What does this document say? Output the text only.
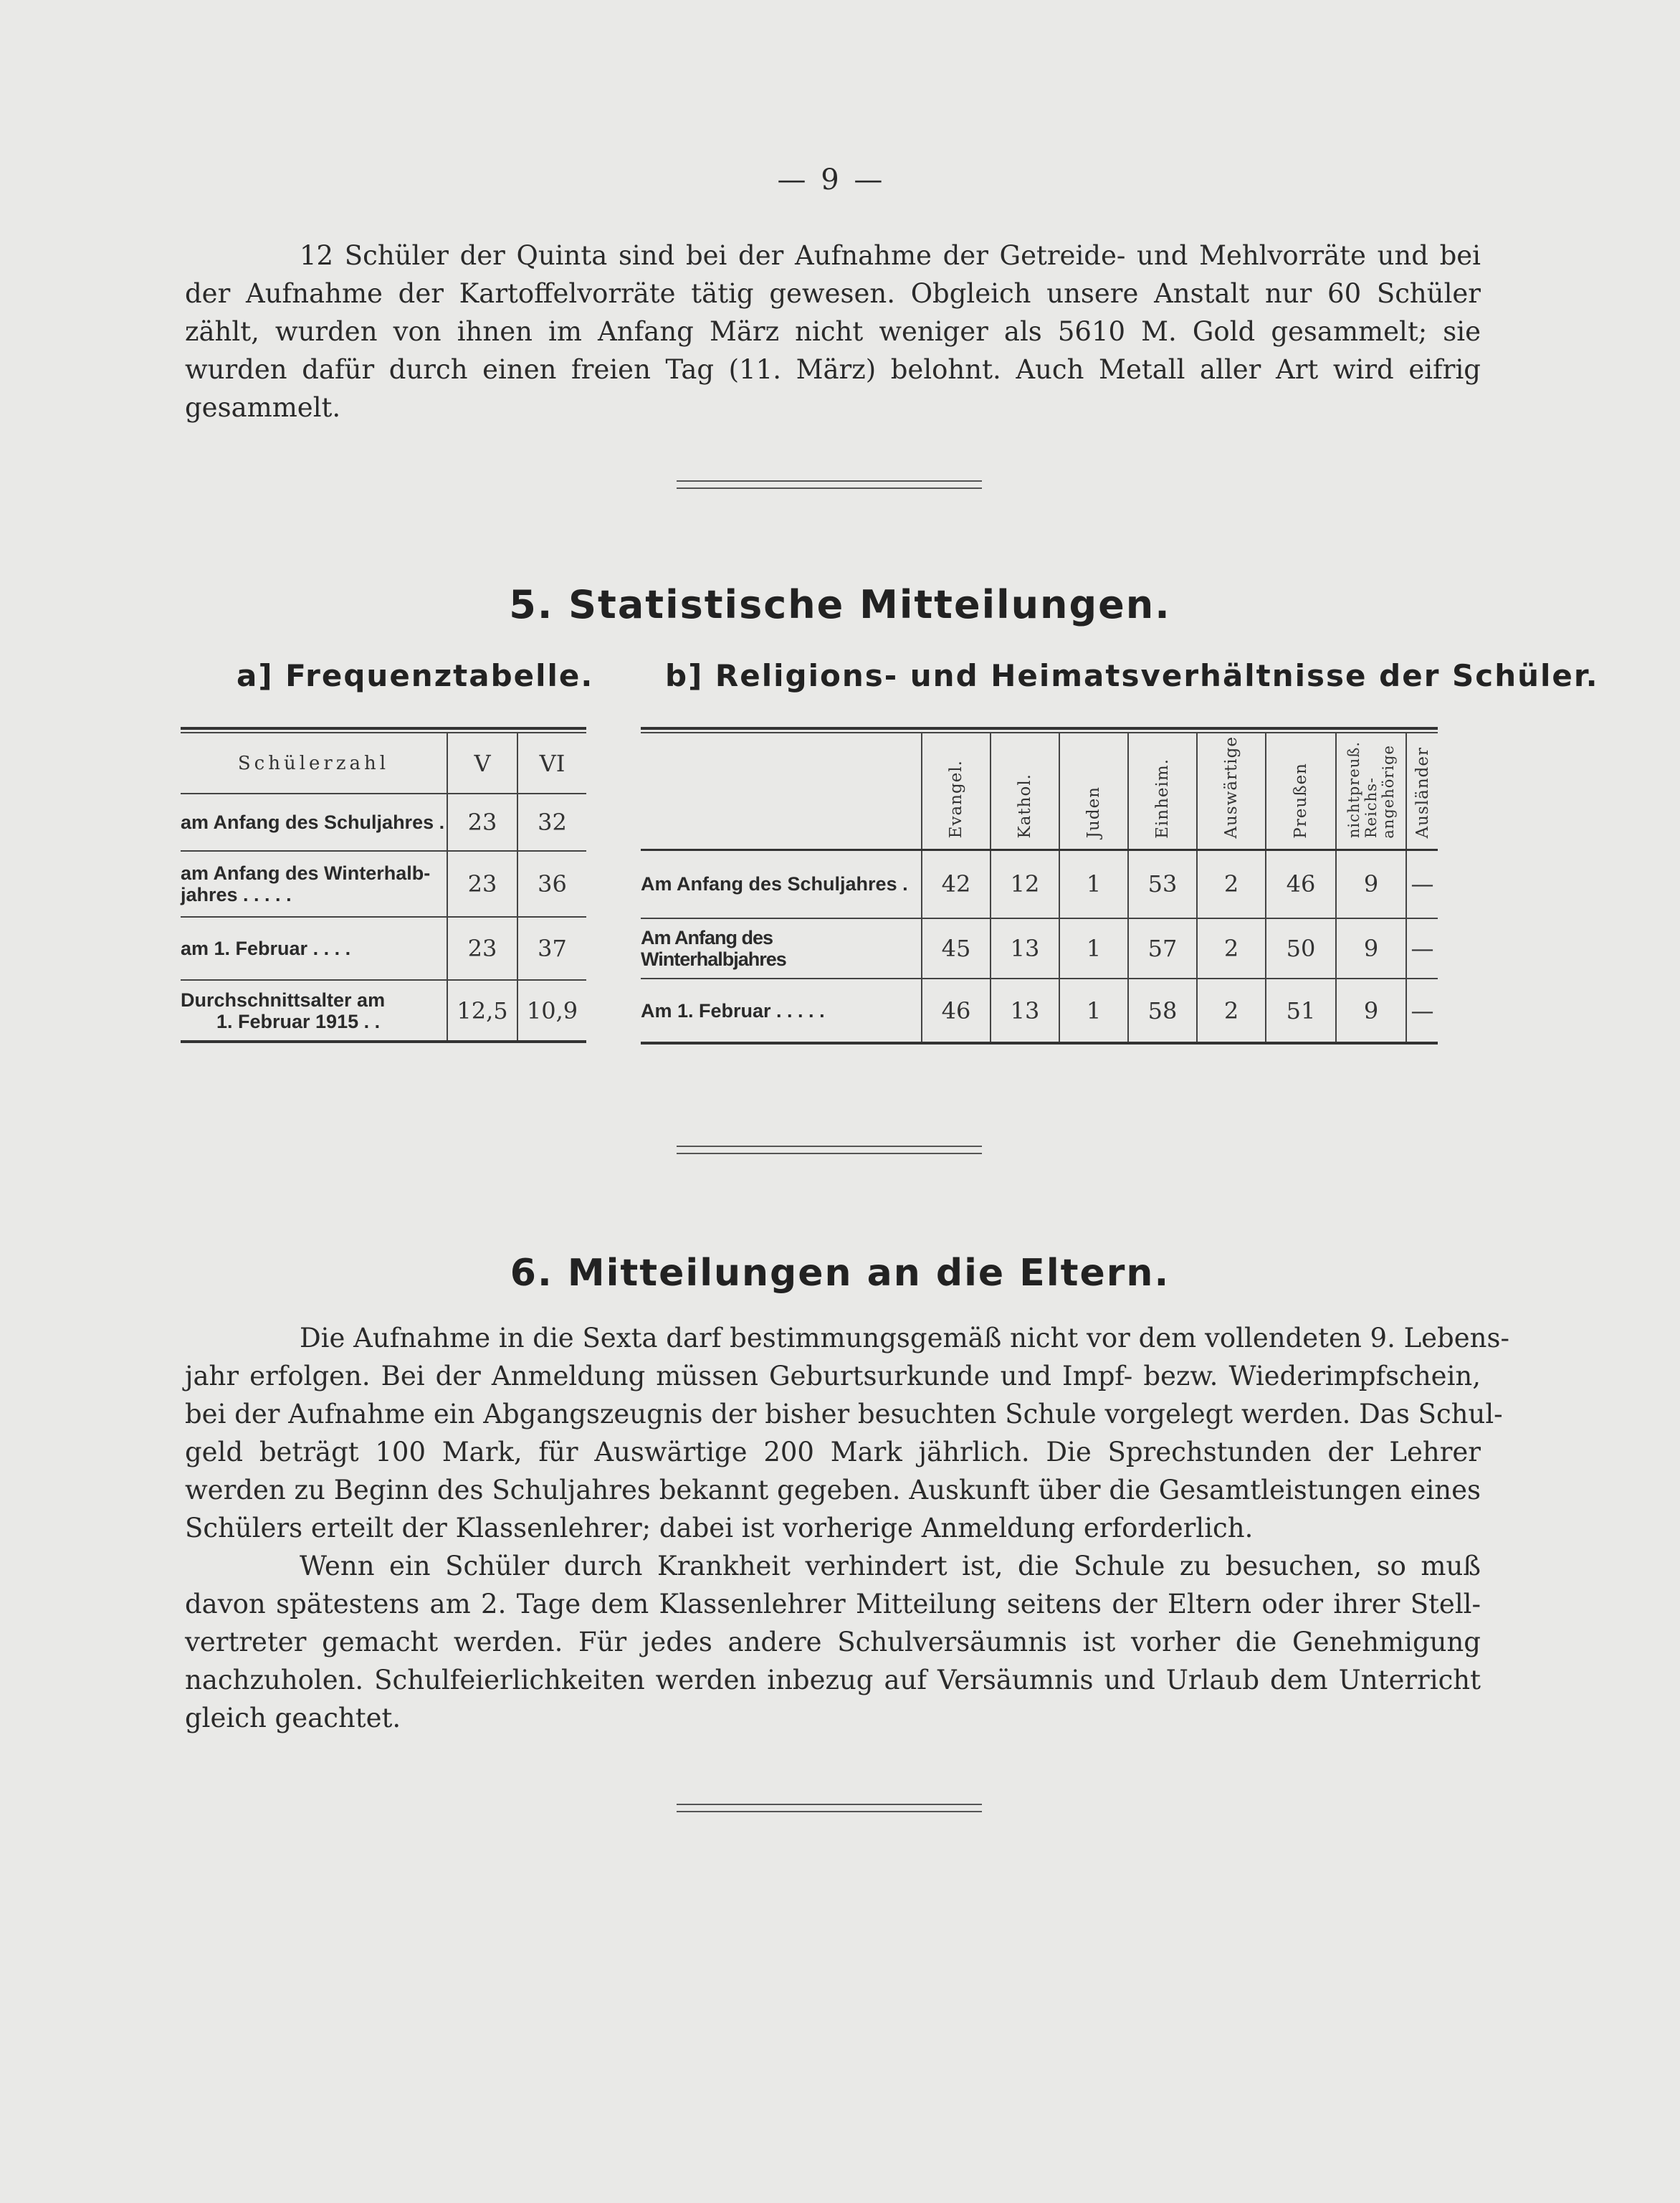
— 9 —
12 Schüler der Quinta sind bei der Aufnahme der Getreide- und Mehlvorräte und bei
der Aufnahme der Kartoffelvorräte tätig gewesen. Obgleich unsere Anstalt nur 60 Schüler
zählt, wurden von ihnen im Anfang März nicht weniger als 5610 M. Gold gesammelt; sie
wurden dafür durch einen freien Tag (11. März) belohnt. Auch Metall aller Art wird eifrig
gesammelt.
5. Statistische Mitteilungen.
a] Frequenztabelle. b] Religions- und Heimatsverhältnisse der Schüler.
Schülerzahl	V	VI
am Anfang des Schuljahres .	23	32

am Anfang des Winterhalb-
jahres . . . . .	23	36
am 1. Februar . . . .	23	37

Durchschnittsalter am
1. Februar 1915 . .	12,5	10,9
	Evangel.	Kathol.	Juden	Einheim.	Auswärtige	Preußen	nichtpreuß.Reichs-angehörige	Ausländer
Am Anfang des Schuljahres .	42	12	1	53	2	46	9	—
Am Anfang des Winterhalbjahres	45	13	1	57	2	50	9	—
Am 1. Februar . . . . .	46	13	1	58	2	51	9	—
6. Mitteilungen an die Eltern.
Die Aufnahme in die Sexta darf bestimmungsgemäß nicht vor dem vollendeten 9. Lebens-
jahr erfolgen. Bei der Anmeldung müssen Geburtsurkunde und Impf- bezw. Wiederimpfschein,
bei der Aufnahme ein Abgangszeugnis der bisher besuchten Schule vorgelegt werden. Das Schul-
geld beträgt 100 Mark, für Auswärtige 200 Mark jährlich. Die Sprechstunden der Lehrer
werden zu Beginn des Schuljahres bekannt gegeben. Auskunft über die Gesamtleistungen eines
Schülers erteilt der Klassenlehrer; dabei ist vorherige Anmeldung erforderlich.
Wenn ein Schüler durch Krankheit verhindert ist, die Schule zu besuchen, so muß
davon spätestens am 2. Tage dem Klassenlehrer Mitteilung seitens der Eltern oder ihrer Stell-
vertreter gemacht werden. Für jedes andere Schulversäumnis ist vorher die Genehmigung
nachzuholen. Schulfeierlichkeiten werden inbezug auf Versäumnis und Urlaub dem Unterricht
gleich geachtet.
